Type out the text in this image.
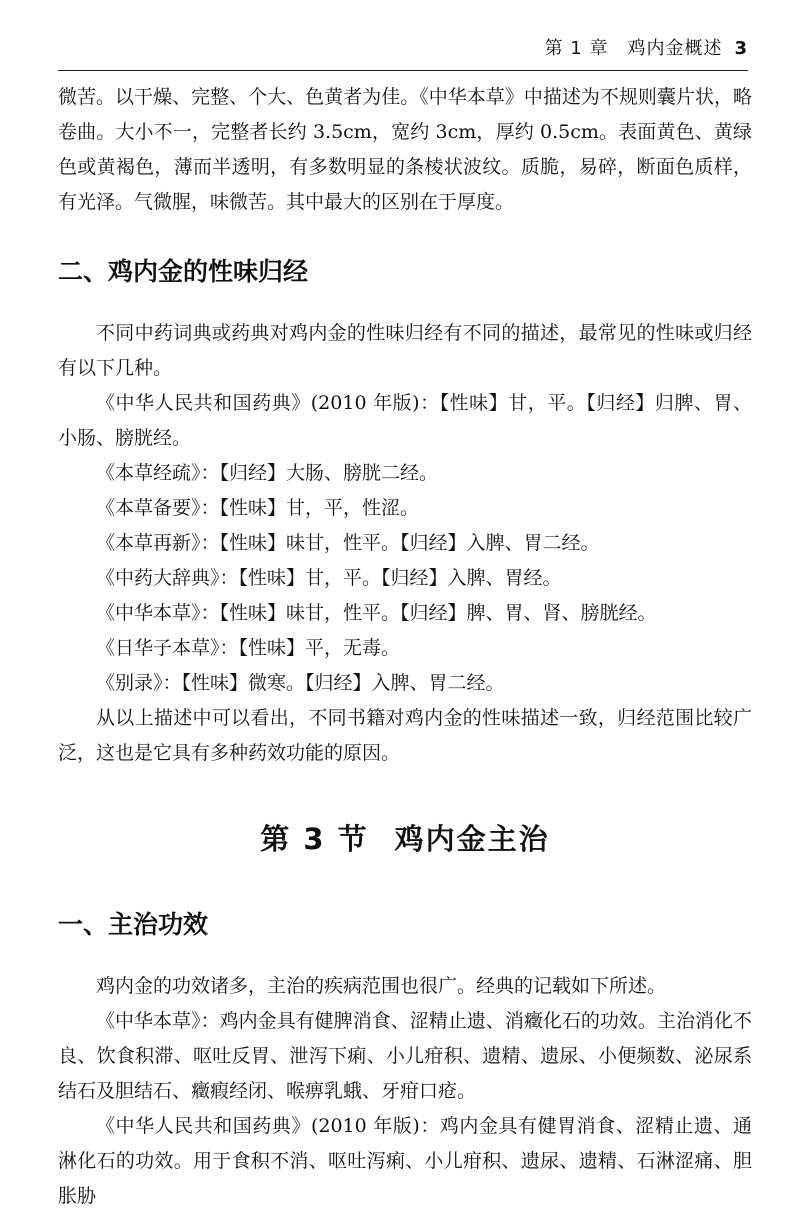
第 1 章　鸡内金概述 3

微苦。以干燥、完整、个大、色黄者为佳。《中华本草》中描述为不规则囊片状，略卷曲。大小不一，完整者长约 3.5cm，宽约 3cm，厚约 0.5cm。表面黄色、黄绿色或黄褐色，薄而半透明，有多数明显的条棱状波纹。质脆，易碎，断面色质样，有光泽。气微腥，味微苦。其中最大的区别在于厚度。

二、鸡内金的性味归经

不同中药词典或药典对鸡内金的性味归经有不同的描述，最常见的性味或归经有以下几种。

《中华人民共和国药典》(2010 年版)：【性味】甘，平。【归经】归脾、胃、小肠、膀胱经。

《本草经疏》：【归经】大肠、膀胱二经。

《本草备要》：【性味】甘，平，性涩。

《本草再新》：【性味】味甘，性平。【归经】入脾、胃二经。

《中药大辞典》：【性味】甘，平。【归经】入脾、胃经。

《中华本草》：【性味】味甘，性平。【归经】脾、胃、肾、膀胱经。

《日华子本草》：【性味】平，无毒。

《别录》：【性味】微寒。【归经】入脾、胃二经。

从以上描述中可以看出，不同书籍对鸡内金的性味描述一致，归经范围比较广泛，这也是它具有多种药效功能的原因。

第 3 节 鸡内金主治
一、主治功效

鸡内金的功效诸多，主治的疾病范围也很广。经典的记载如下所述。

《中华本草》：鸡内金具有健脾消食、涩精止遗、消癥化石的功效。主治消化不良、饮食积滞、呕吐反胃、泄泻下痢、小儿疳积、遗精、遗尿、小便频数、泌尿系结石及胆结石、癥瘕经闭、喉痹乳蛾、牙疳口疮。

《中华人民共和国药典》(2010 年版)：鸡内金具有健胃消食、涩精止遗、通淋化石的功效。用于食积不消、呕吐泻痢、小儿疳积、遗尿、遗精、石淋涩痛、胆胀胁
